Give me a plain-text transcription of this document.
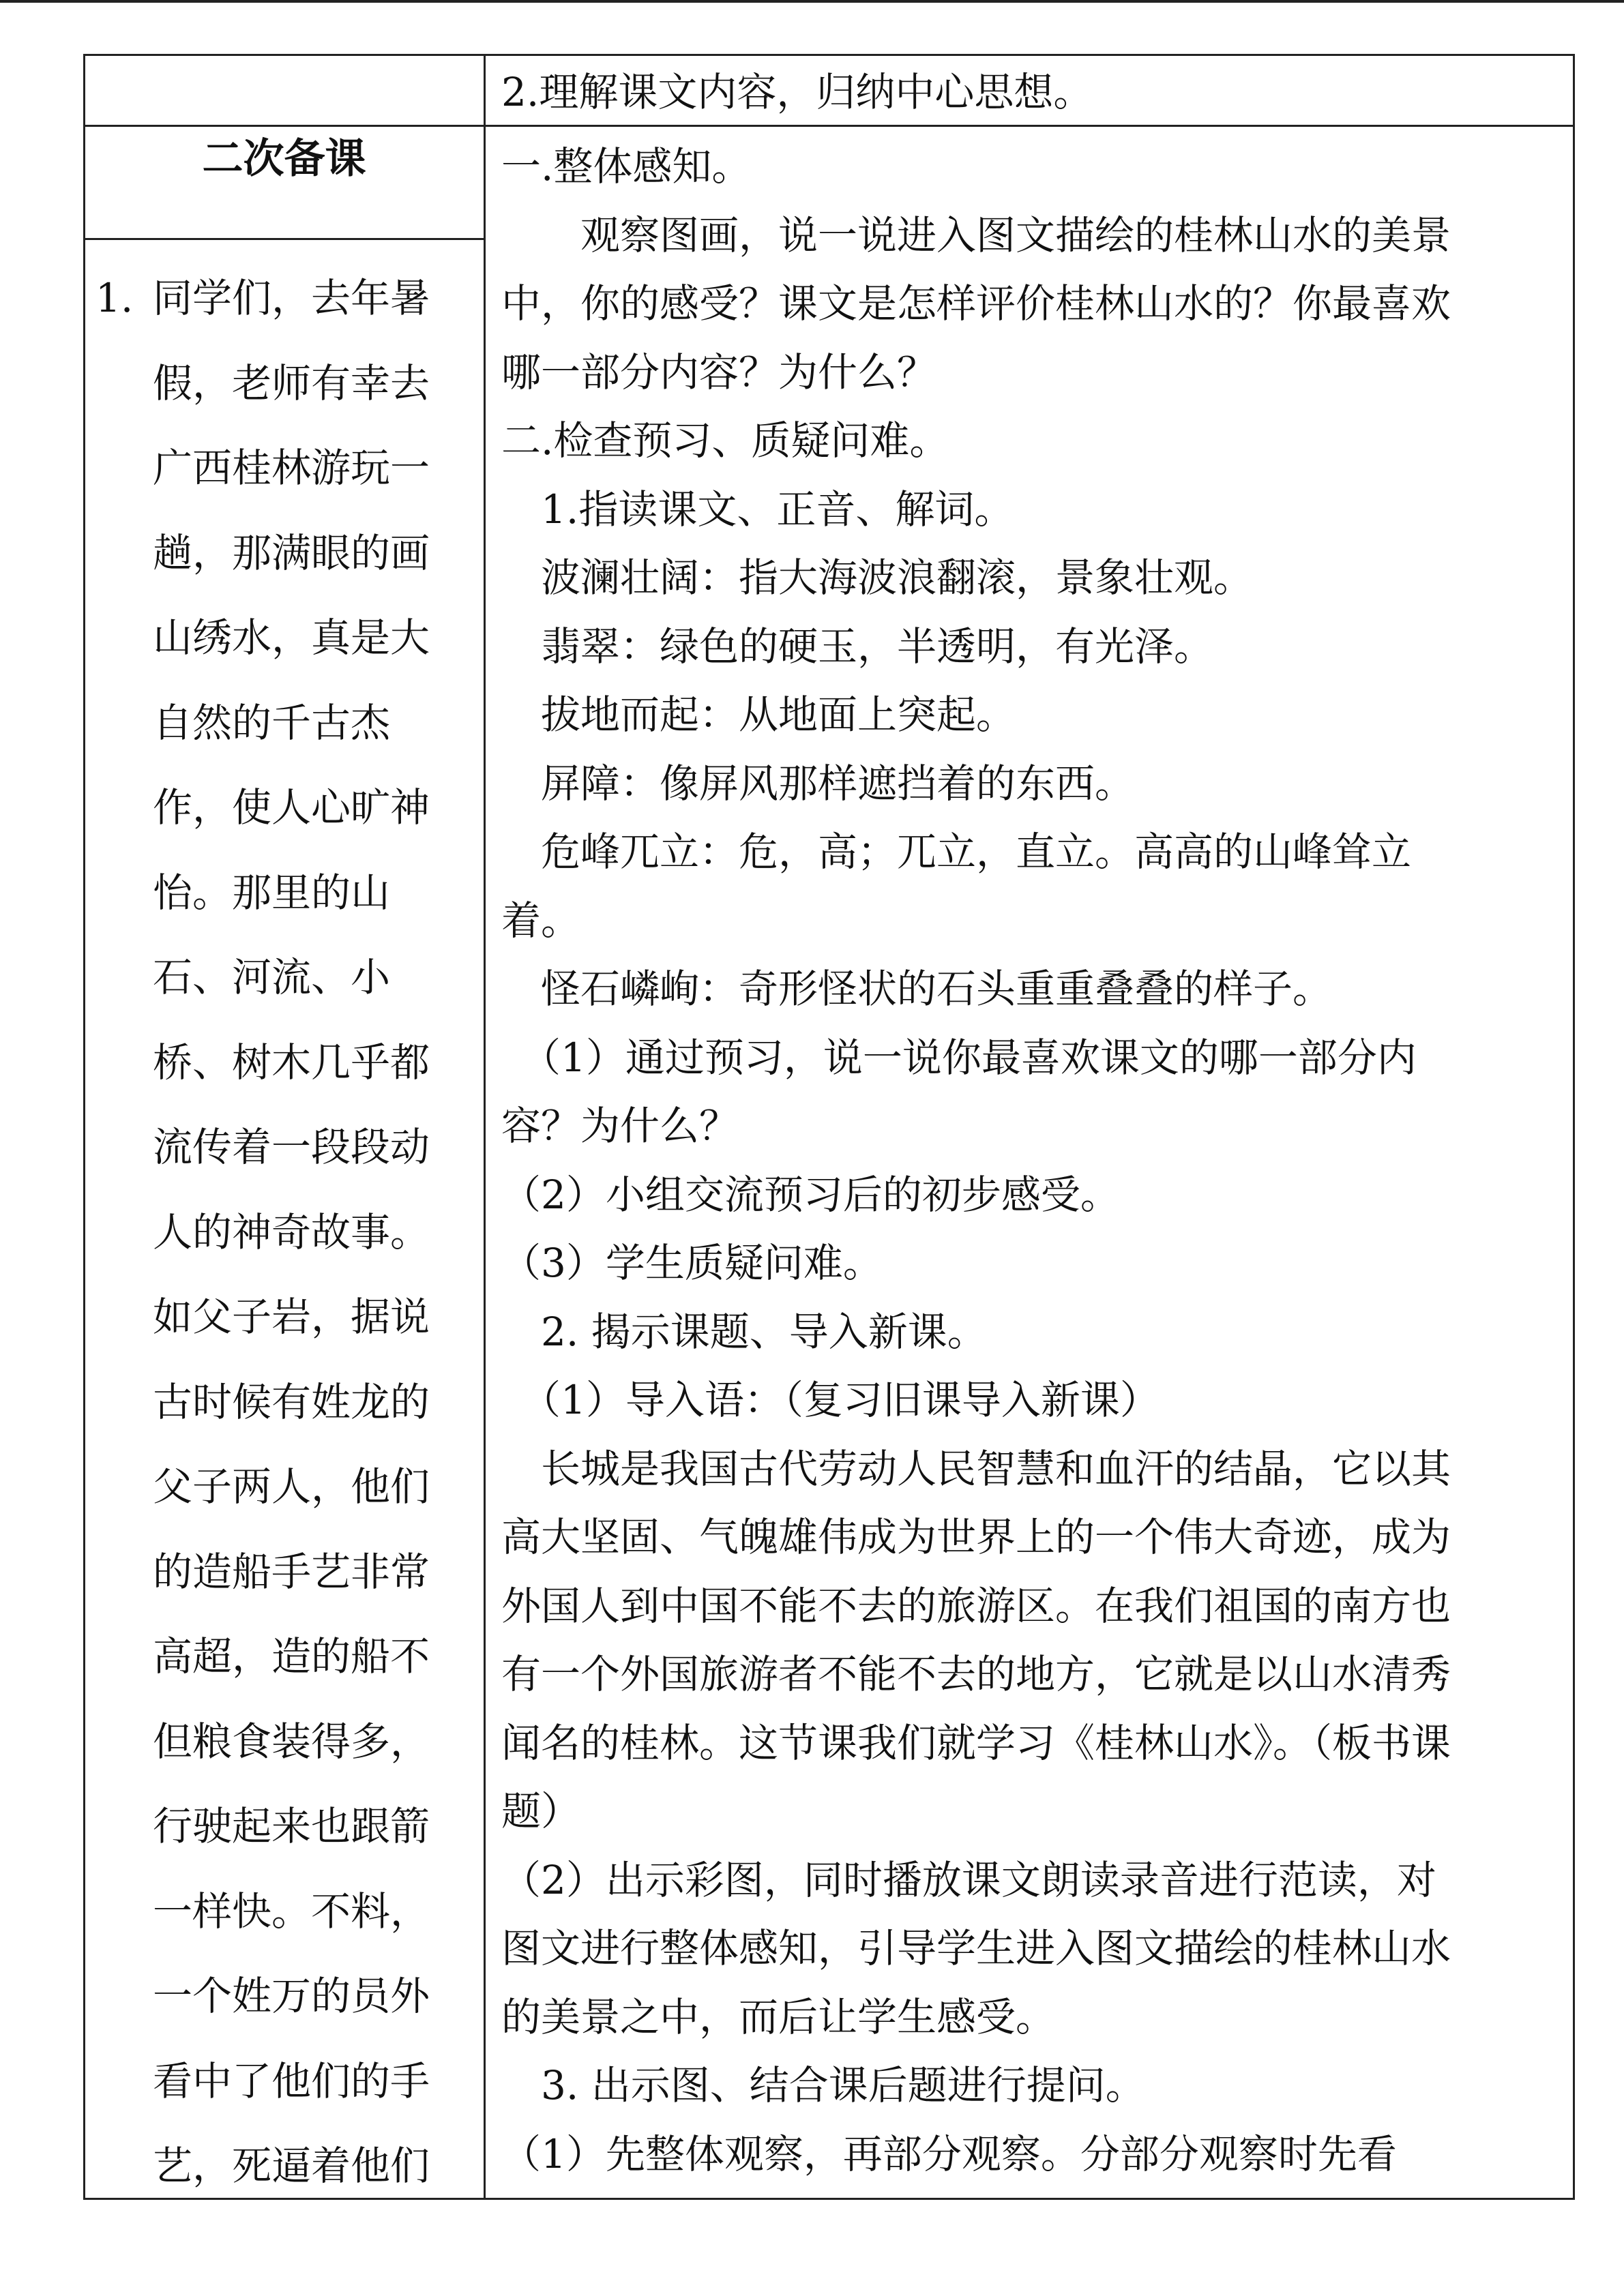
2.理解课文内容，归纳中心思想。
二次备课
1. 同学们，去年暑
假，老师有幸去
广西桂林游玩一
趟，那满眼的画
山绣水，真是大
自然的千古杰
作，使人心旷神
怡。那里的山
石、河流、小
桥、树木几乎都
流传着一段段动
人的神奇故事。
如父子岩，据说
古时候有姓龙的
父子两人，他们
的造船手艺非常
高超，造的船不
但粮食装得多，
行驶起来也跟箭
一样快。不料，
一个姓万的员外
看中了他们的手
艺，死逼着他们
一.整体感知。
　　观察图画，说一说进入图文描绘的桂林山水的美景
中，你的感受？课文是怎样评价桂林山水的？你最喜欢
哪一部分内容？为什么？
二.检查预习、质疑问难。
　1.指读课文、正音、解词。
　波澜壮阔：指大海波浪翻滚，景象壮观。
　翡翠：绿色的硬玉，半透明，有光泽。
　拔地而起：从地面上突起。
　屏障：像屏风那样遮挡着的东西。
　危峰兀立：危，高；兀立，直立。高高的山峰耸立
着。
　怪石嶙峋：奇形怪状的石头重重叠叠的样子。
　（1）通过预习，说一说你最喜欢课文的哪一部分内
容？为什么？
（2）小组交流预习后的初步感受。
（3）学生质疑问难。
　2. 揭示课题、导入新课。
　（1）导入语：（复习旧课导入新课）
　长城是我国古代劳动人民智慧和血汗的结晶，它以其
高大坚固、气魄雄伟成为世界上的一个伟大奇迹，成为
外国人到中国不能不去的旅游区。在我们祖国的南方也
有一个外国旅游者不能不去的地方，它就是以山水清秀
闻名的桂林。这节课我们就学习《桂林山水》。（板书课
题）
（2）出示彩图，同时播放课文朗读录音进行范读，对
图文进行整体感知，引导学生进入图文描绘的桂林山水
的美景之中，而后让学生感受。
　3. 出示图、结合课后题进行提问。
（1）先整体观察，再部分观察。分部分观察时先看
